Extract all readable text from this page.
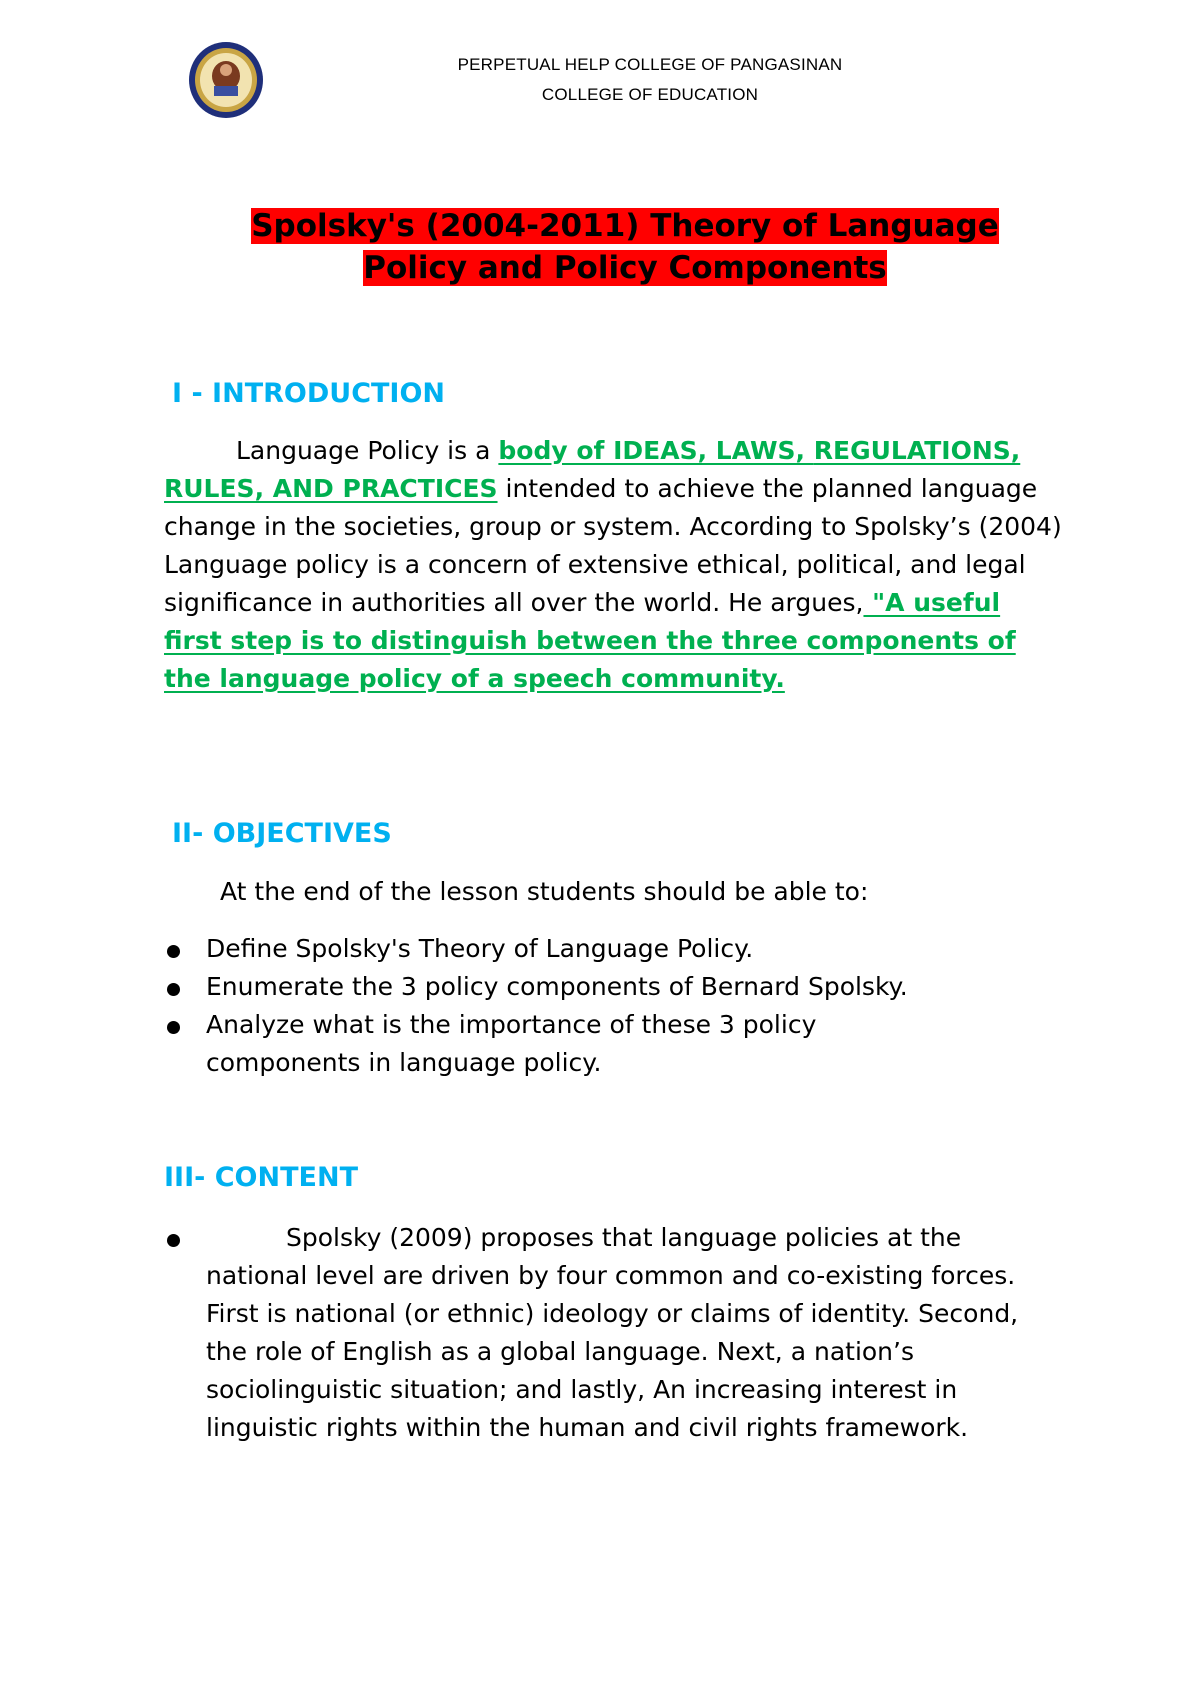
PERPETUAL HELP COLLEGE OF PANGASINAN
COLLEGE OF EDUCATION
Spolsky's (2004-2011) Theory of Language
Policy and Policy Components
I - INTRODUCTION
Language Policy is a body of IDEAS, LAWS, REGULATIONS, RULES, AND PRACTICES intended to achieve the planned language change in the societies, group or system. According to Spolsky’s (2004) Language policy is a concern of extensive ethical, political, and legal significance in authorities all over the world. He argues, "A useful first step is to distinguish between the three components of the language policy of a speech community.
II- OBJECTIVES
At the end of the lesson students should be able to:
Define Spolsky's Theory of Language Policy.
Enumerate the 3 policy components of Bernard Spolsky.
Analyze what is the importance of these 3 policy components in language policy.
III- CONTENT
Spolsky (2009) proposes that language policies at the national level are driven by four common and co-existing forces. First is national (or ethnic) ideology or claims of identity. Second, the role of English as a global language. Next, a nation’s sociolinguistic situation; and lastly, An increasing interest in linguistic rights within the human and civil rights framework.
